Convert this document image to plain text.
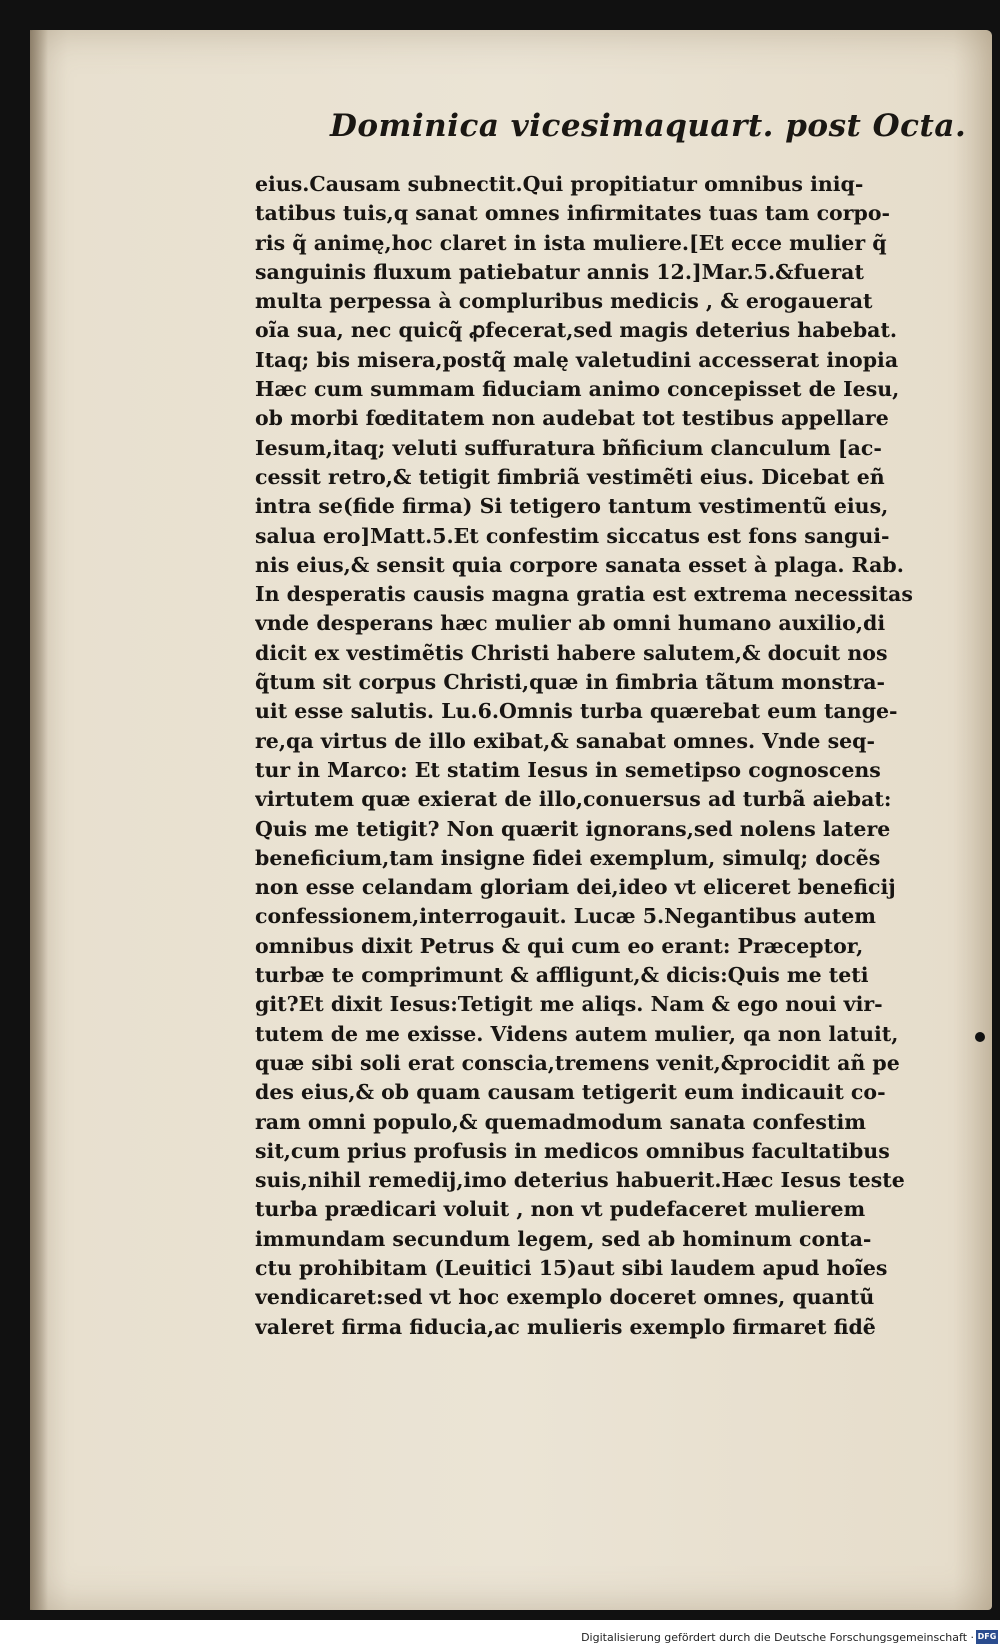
Dominica vicesimaquart. post Octa.
eius.Causam subnectit.Qui propitiatur omnibus iniq-
tatibus tuis,q sanat omnes infirmitates tuas tam corpo-
ris q̃ animę,hoc claret in ista muliere.[Et ecce mulier q̃
sanguinis fluxum patiebatur annis 12.]Mar.5.&fuerat
multa perpessa à compluribus medicis , & erogauerat
oĩa sua, nec quicq̃ ꝓfecerat,sed magis deterius habebat.
Itaq; bis misera,postq̃ malę valetudini accesserat inopia
Hæc cum summam fiduciam animo concepisset de Iesu,
ob morbi fœditatem non audebat tot testibus appellare
Iesum,itaq; veluti suffuratura bñficium clanculum [ac-
cessit retro,& tetigit fimbriã vestimẽti eius. Dicebat eñ
intra se(fide firma) Si tetigero tantum vestimentũ eius,
salua ero]Matt.5.Et confestim siccatus est fons sangui-
nis eius,& sensit quia corpore sanata esset à plaga. Rab.
In desperatis causis magna gratia est extrema necessitas
vnde desperans hæc mulier ab omni humano auxilio,di
dicit ex vestimẽtis Christi habere salutem,& docuit nos
q̃tum sit corpus Christi,quæ in fimbria tãtum monstra-
uit esse salutis. Lu.6.Omnis turba quærebat eum tange-
re,qa virtus de illo exibat,& sanabat omnes. Vnde seq-
tur in Marco: Et statim Iesus in semetipso cognoscens
virtutem quæ exierat de illo,conuersus ad turbã aiebat:
Quis me tetigit? Non quærit ignorans,sed nolens latere
beneficium,tam insigne fidei exemplum, simulq; docẽs
non esse celandam gloriam dei,ideo vt eliceret beneficij
confessionem,interrogauit. Lucæ 5.Negantibus autem
omnibus dixit Petrus & qui cum eo erant: Præceptor,
turbæ te comprimunt & affligunt,& dicis:Quis me teti
git?Et dixit Iesus:Tetigit me aliqs. Nam & ego noui vir-
tutem de me exisse. Videns autem mulier, qa non latuit,
quæ sibi soli erat conscia,tremens venit,&procidit añ pe
des eius,& ob quam causam tetigerit eum indicauit co-
ram omni populo,& quemadmodum sanata confestim
sit,cum prius profusis in medicos omnibus facultatibus
suis,nihil remedij,imo deterius habuerit.Hæc Iesus teste
turba prædicari voluit , non vt pudefaceret mulierem
immundam secundum legem, sed ab hominum conta-
ctu prohibitam (Leuitici 15)aut sibi laudem apud hoĩes
vendicaret:sed vt hoc exemplo doceret omnes, quantũ
valeret firma fiducia,ac mulieris exemplo firmaret fidẽ
Digitalisierung gefördert durch die Deutsche Forschungsgemeinschaft · DFG
